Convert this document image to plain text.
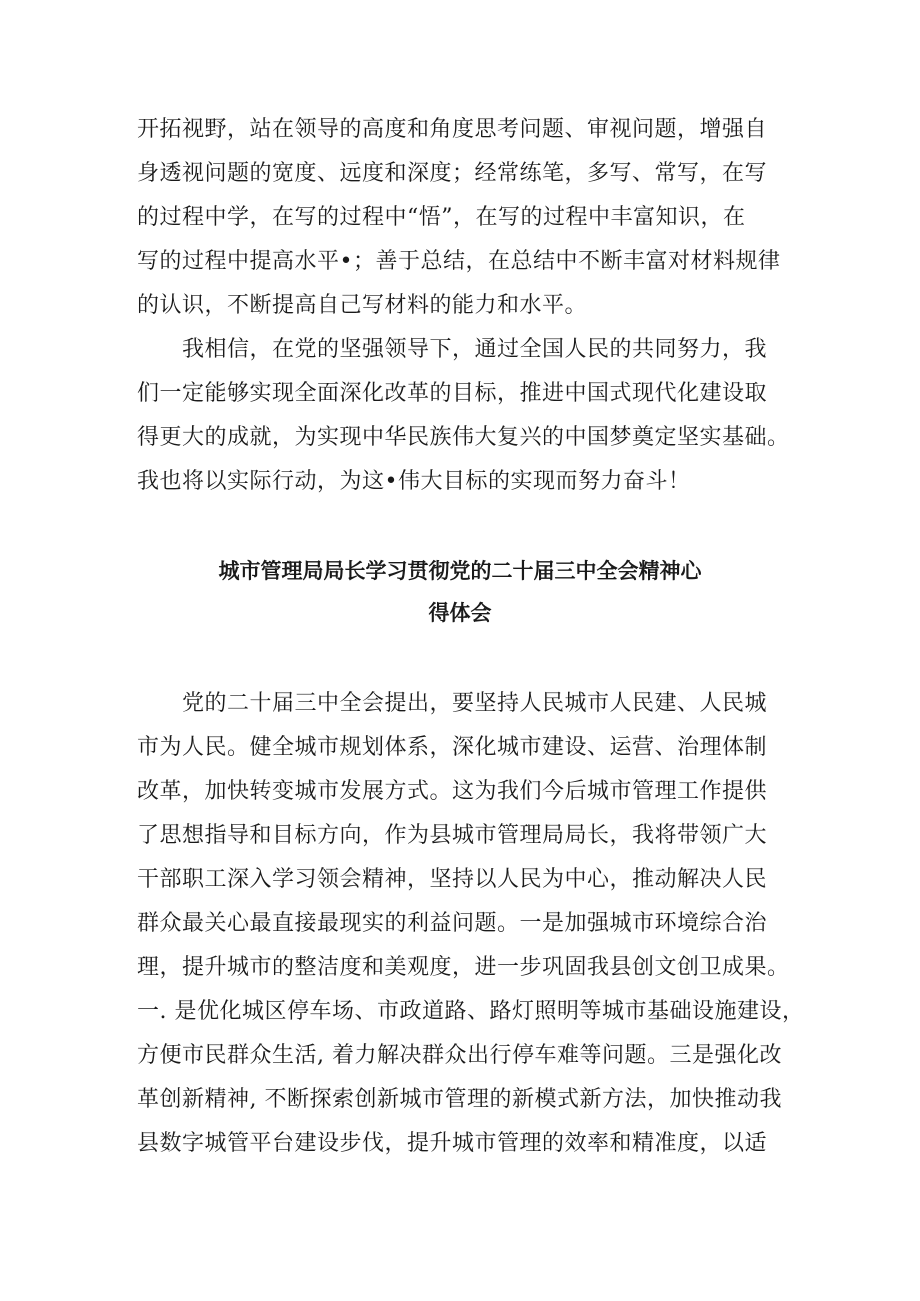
开拓视野，站在领导的高度和角度思考问题、审视问题，增强自
身透视问题的宽度、远度和深度；经常练笔，多写、常写，在写
的过程中学，在写的过程中“悟”，在写的过程中丰富知识，在
写的过程中提高水平•；善于总结，在总结中不断丰富对材料规律
的认识，不断提高自己写材料的能力和水平。
　　我相信，在党的坚强领导下，通过全国人民的共同努力，我
们一定能够实现全面深化改革的目标，推进中国式现代化建设取
得更大的成就，为实现中华民族伟大复兴的中国梦奠定坚实基础。
我也将以实际行动，为这•伟大目标的实现而努力奋斗！
城市管理局局长学习贯彻党的二十届三中全会精神心
得体会
　　党的二十届三中全会提出，要坚持人民城市人民建、人民城
市为人民。健全城市规划体系，深化城市建设、运营、治理体制
改革，加快转变城市发展方式。这为我们今后城市管理工作提供
了思想指导和目标方向，作为县城市管理局局长，我将带领广大
干部职工深入学习领会精神，坚持以人民为中心，推动解决人民
群众最关心最直接最现实的利益问题。一是加强城市环境综合治
理，提升城市的整洁度和美观度，进一步巩固我县创文创卫成果。
一. 是优化城区停车场、市政道路、路灯照明等城市基础设施建设，
方便市民群众生活, 着力解决群众出行停车难等问题。三是强化改
革创新精神, 不断探索创新城市管理的新模式新方法，加快推动我
县数字城管平台建设步伐，提升城市管理的效率和精准度，以适
